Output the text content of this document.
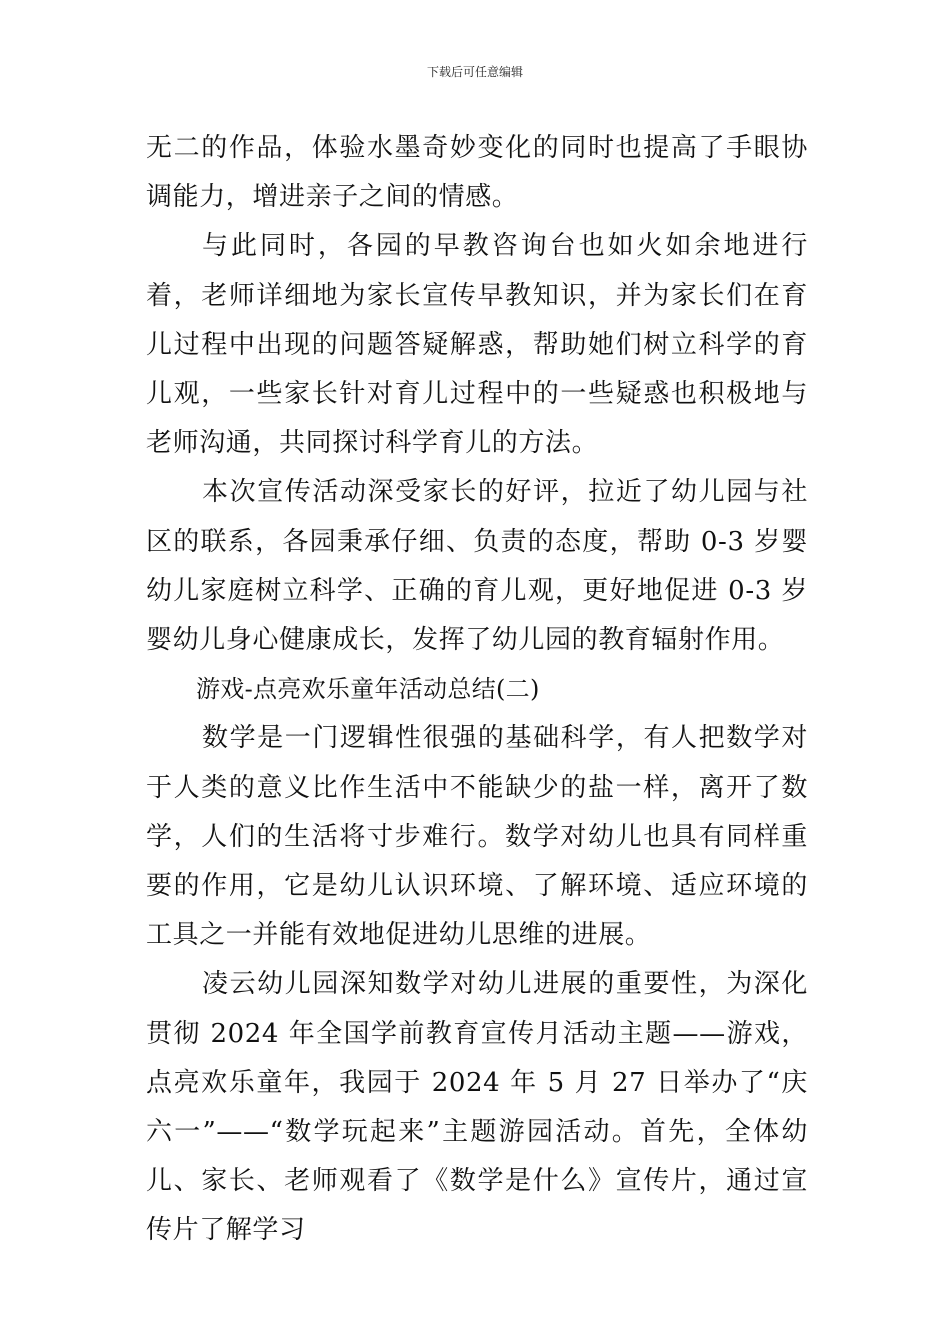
下载后可任意编辑

无二的作品，体验水墨奇妙变化的同时也提高了手眼协调能力，增进亲子之间的情感。

与此同时，各园的早教咨询台也如火如余地进行着，老师详细地为家长宣传早教知识，并为家长们在育儿过程中出现的问题答疑解惑，帮助她们树立科学的育儿观，一些家长针对育儿过程中的一些疑惑也积极地与老师沟通，共同探讨科学育儿的方法。

本次宣传活动深受家长的好评，拉近了幼儿园与社区的联系，各园秉承仔细、负责的态度，帮助 0-3 岁婴幼儿家庭树立科学、正确的育儿观，更好地促进 0-3 岁婴幼儿身心健康成长，发挥了幼儿园的教育辐射作用。

游戏-点亮欢乐童年活动总结(二)

数学是一门逻辑性很强的基础科学，有人把数学对于人类的意义比作生活中不能缺少的盐一样，离开了数学，人们的生活将寸步难行。数学对幼儿也具有同样重要的作用，它是幼儿认识环境、了解环境、适应环境的工具之一并能有效地促进幼儿思维的进展。

凌云幼儿园深知数学对幼儿进展的重要性，为深化贯彻 2024 年全国学前教育宣传月活动主题——游戏，点亮欢乐童年，我园于 2024 年 5 月 27 日举办了“庆六一”——“数学玩起来”主题游园活动。首先，全体幼儿、家长、老师观看了《数学是什么》宣传片，通过宣传片了解学习
